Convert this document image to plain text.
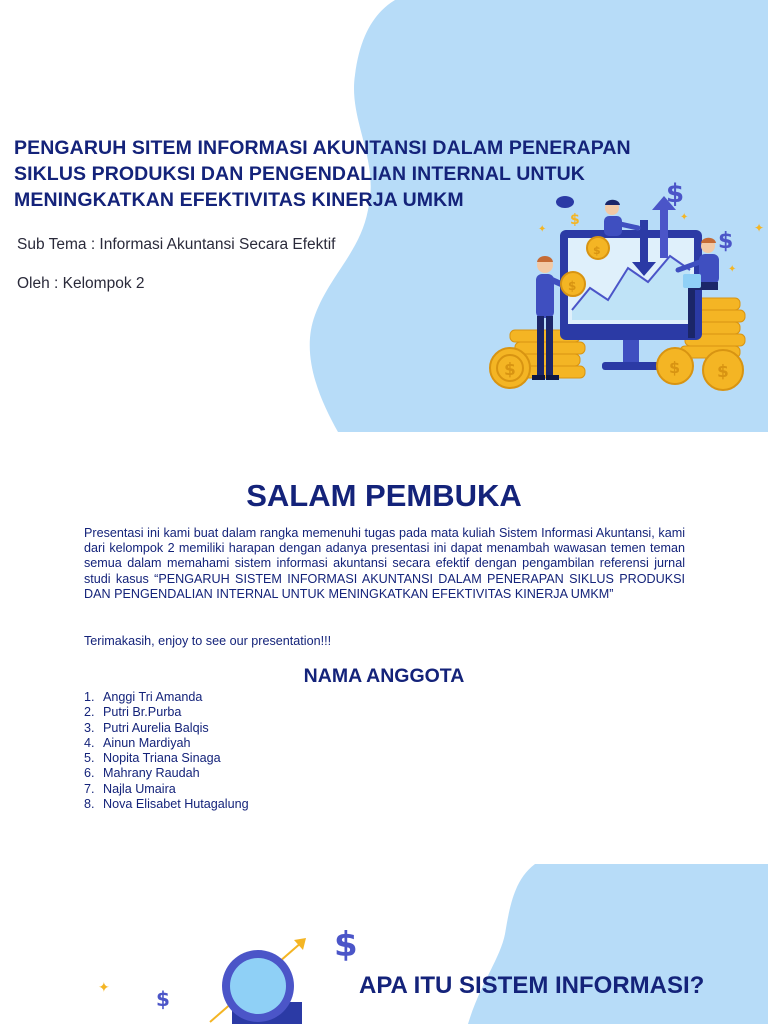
PENGARUH SITEM INFORMASI AKUNTANSI DALAM PENERAPAN
SIKLUS PRODUKSI DAN PENGENDALIAN INTERNAL UNTUK
MENINGKATKAN EFEKTIVITAS KINERJA UMKM

Sub Tema : Informasi Akuntansi Secara Efektif

Oleh : Kelompok 2

$
$
$	✦
✦
✦
✦
$	$ $
$
$
SALAM PEMBUKA

Presentasi ini kami buat dalam rangka memenuhi tugas pada mata kuliah Sistem Informasi Akuntansi, kami dari kelompok 2 memiliki harapan dengan adanya presentasi ini dapat menambah wawasan temen teman semua dalam memahami sistem informasi akuntansi secara efektif dengan pengambilan referensi jurnal studi kasus “PENGARUH SISTEM INFORMASI AKUNTANSI DALAM PENERAPAN SIKLUS PRODUKSI DAN PENGENDALIAN INTERNAL UNTUK MENINGKATKAN EFEKTIVITAS KINERJA UMKM”

Terimakasih, enjoy to see our presentation!!!

NAMA ANGGOTA
1. Anggi Tri Amanda
2. Putri Br.Purba
3. Putri Aurelia Balqis
4. Ainun Mardiyah
5. Nopita Triana Sinaga
6. Mahrany Raudah
7. Najla Umaira
8. Nova Elisabet Hutagalung
APA ITU SISTEM INFORMASI?
✦ $
$
